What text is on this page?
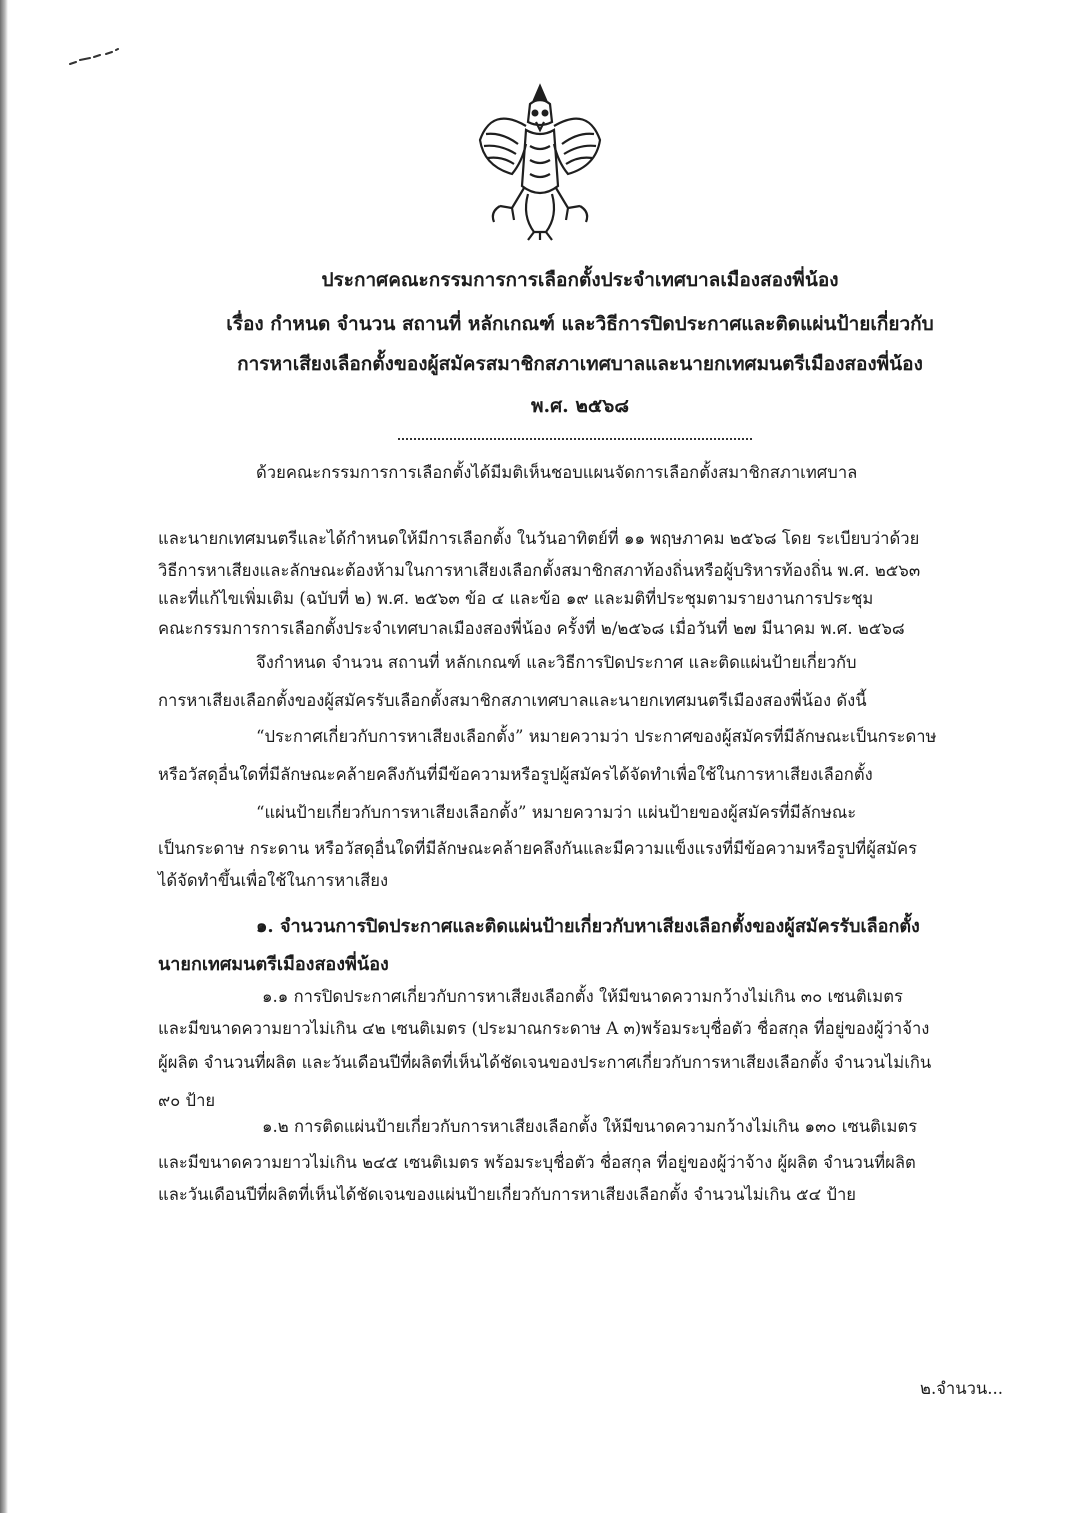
ประกาศคณะกรรมการการเลือกตั้งประจำเทศบาลเมืองสองพี่น้อง
เรื่อง กำหนด จำนวน สถานที่ หลักเกณฑ์ และวิธีการปิดประกาศและติดแผ่นป้ายเกี่ยวกับ
การหาเสียงเลือกตั้งของผู้สมัครสมาชิกสภาเทศบาลและนายกเทศมนตรีเมืองสองพี่น้อง
พ.ศ. ๒๕๖๘
ด้วยคณะกรรมการการเลือกตั้งได้มีมติเห็นชอบแผนจัดการเลือกตั้งสมาชิกสภาเทศบาล
และนายกเทศมนตรีและได้กำหนดให้มีการเลือกตั้ง ในวันอาทิตย์ที่ ๑๑ พฤษภาคม ๒๕๖๘ โดย ระเบียบว่าด้วย
วิธีการหาเสียงและลักษณะต้องห้ามในการหาเสียงเลือกตั้งสมาชิกสภาท้องถิ่นหรือผู้บริหารท้องถิ่น พ.ศ. ๒๕๖๓
และที่แก้ไขเพิ่มเติม (ฉบับที่ ๒) พ.ศ. ๒๕๖๓ ข้อ ๔ และข้อ ๑๙ และมติที่ประชุมตามรายงานการประชุม
คณะกรรมการการเลือกตั้งประจำเทศบาลเมืองสองพี่น้อง ครั้งที่ ๒/๒๕๖๘ เมื่อวันที่ ๒๗ มีนาคม พ.ศ. ๒๕๖๘
จึงกำหนด จำนวน สถานที่ หลักเกณฑ์ และวิธีการปิดประกาศ และติดแผ่นป้ายเกี่ยวกับ
การหาเสียงเลือกตั้งของผู้สมัครรับเลือกตั้งสมาชิกสภาเทศบาลและนายกเทศมนตรีเมืองสองพี่น้อง ดังนี้
“ประกาศเกี่ยวกับการหาเสียงเลือกตั้ง” หมายความว่า ประกาศของผู้สมัครที่มีลักษณะเป็นกระดาษ
หรือวัสดุอื่นใดที่มีลักษณะคล้ายคลึงกันที่มีข้อความหรือรูปผู้สมัครได้จัดทำเพื่อใช้ในการหาเสียงเลือกตั้ง
“แผ่นป้ายเกี่ยวกับการหาเสียงเลือกตั้ง” หมายความว่า แผ่นป้ายของผู้สมัครที่มีลักษณะ
เป็นกระดาษ กระดาน หรือวัสดุอื่นใดที่มีลักษณะคล้ายคลึงกันและมีความแข็งแรงที่มีข้อความหรือรูปที่ผู้สมัคร
ได้จัดทำขึ้นเพื่อใช้ในการหาเสียง
๑. จำนวนการปิดประกาศและติดแผ่นป้ายเกี่ยวกับหาเสียงเลือกตั้งของผู้สมัครรับเลือกตั้ง
นายกเทศมนตรีเมืองสองพี่น้อง
๑.๑ การปิดประกาศเกี่ยวกับการหาเสียงเลือกตั้ง ให้มีขนาดความกว้างไม่เกิน ๓๐ เซนติเมตร
และมีขนาดความยาวไม่เกิน ๔๒ เซนติเมตร (ประมาณกระดาษ A ๓)พร้อมระบุชื่อตัว ชื่อสกุล ที่อยู่ของผู้ว่าจ้าง
ผู้ผลิต จำนวนที่ผลิต และวันเดือนปีที่ผลิตที่เห็นได้ชัดเจนของประกาศเกี่ยวกับการหาเสียงเลือกตั้ง จำนวนไม่เกิน
๙๐ ป้าย
๑.๒ การติดแผ่นป้ายเกี่ยวกับการหาเสียงเลือกตั้ง ให้มีขนาดความกว้างไม่เกิน ๑๓๐ เซนติเมตร
และมีขนาดความยาวไม่เกิน ๒๔๕ เซนติเมตร พร้อมระบุชื่อตัว ชื่อสกุล ที่อยู่ของผู้ว่าจ้าง ผู้ผลิต จำนวนที่ผลิต
และวันเดือนปีที่ผลิตที่เห็นได้ชัดเจนของแผ่นป้ายเกี่ยวกับการหาเสียงเลือกตั้ง จำนวนไม่เกิน ๕๔ ป้าย
๒.จำนวน...
